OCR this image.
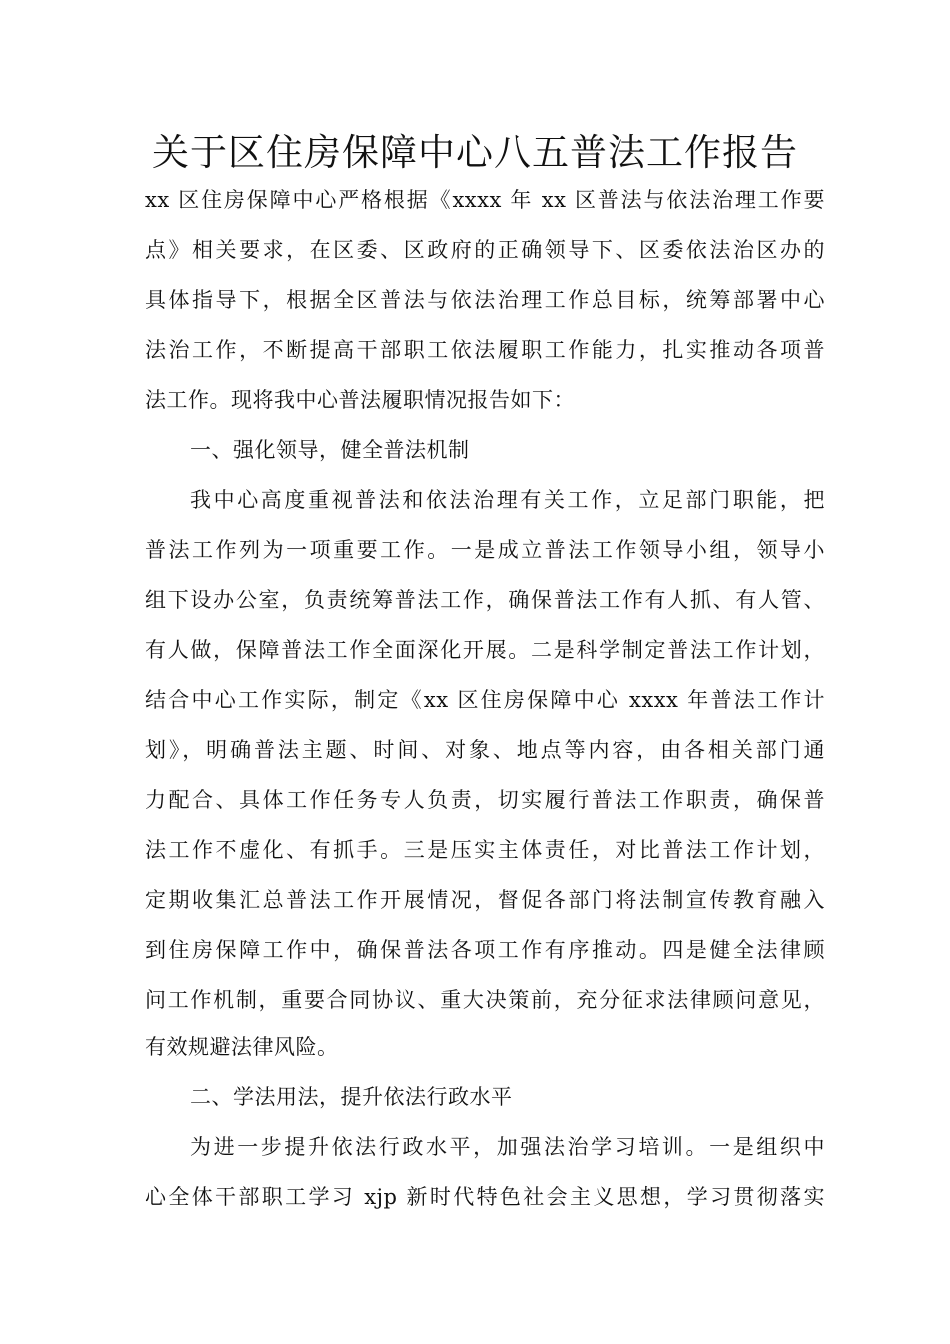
关于区住房保障中心八五普法工作报告
xx 区住房保障中心严格根据《xxxx 年 xx 区普法与依法治理工作要
点》相关要求，在区委、区政府的正确领导下、区委依法治区办的
具体指导下，根据全区普法与依法治理工作总目标，统筹部署中心
法治工作，不断提高干部职工依法履职工作能力，扎实推动各项普
法工作。现将我中心普法履职情况报告如下：
一、强化领导，健全普法机制
我中心高度重视普法和依法治理有关工作，立足部门职能，把
普法工作列为一项重要工作。一是成立普法工作领导小组，领导小
组下设办公室，负责统筹普法工作，确保普法工作有人抓、有人管、
有人做，保障普法工作全面深化开展。二是科学制定普法工作计划，
结合中心工作实际，制定《xx 区住房保障中心 xxxx 年普法工作计
划》，明确普法主题、时间、对象、地点等内容，由各相关部门通
力配合、具体工作任务专人负责，切实履行普法工作职责，确保普
法工作不虚化、有抓手。三是压实主体责任，对比普法工作计划，
定期收集汇总普法工作开展情况，督促各部门将法制宣传教育融入
到住房保障工作中，确保普法各项工作有序推动。四是健全法律顾
问工作机制，重要合同协议、重大决策前，充分征求法律顾问意见，
有效规避法律风险。
二、学法用法，提升依法行政水平
为进一步提升依法行政水平，加强法治学习培训。一是组织中
心全体干部职工学习 xjp 新时代特色社会主义思想，学习贯彻落实
